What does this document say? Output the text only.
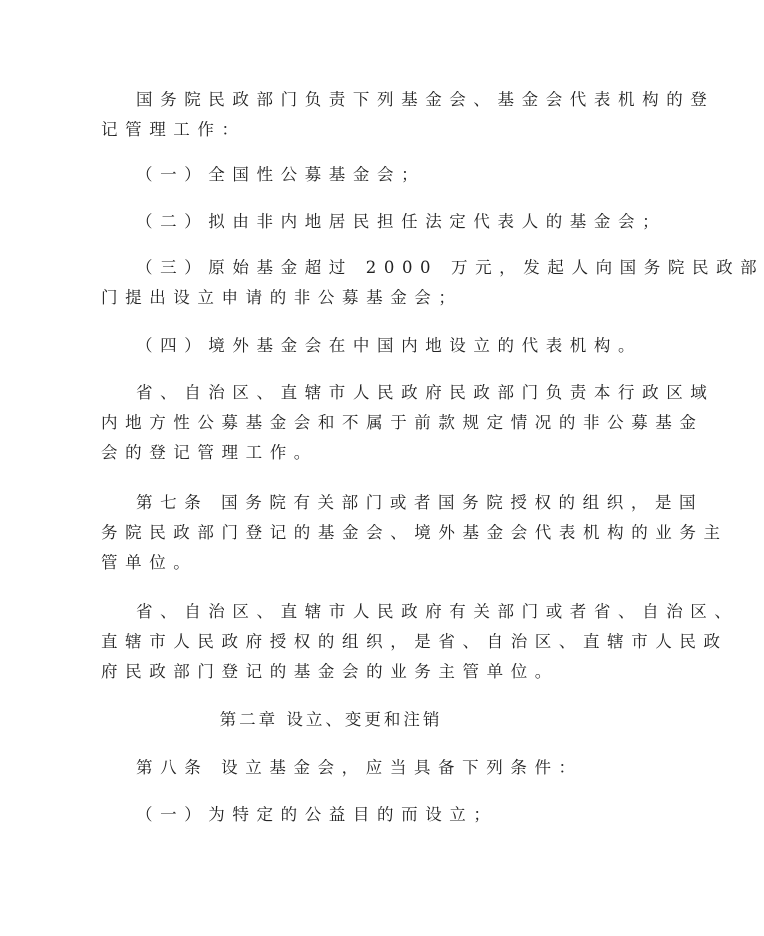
国务院民政部门负责下列基金会、基金会代表机构的登
记管理工作：
（一）全国性公募基金会；
（二）拟由非内地居民担任法定代表人的基金会；
（三）原始基金超过 2000 万元，发起人向国务院民政部
门提出设立申请的非公募基金会；
（四）境外基金会在中国内地设立的代表机构。
省、自治区、直辖市人民政府民政部门负责本行政区域
内地方性公募基金会和不属于前款规定情况的非公募基金
会的登记管理工作。
第七条 国务院有关部门或者国务院授权的组织，是国
务院民政部门登记的基金会、境外基金会代表机构的业务主
管单位。
省、自治区、直辖市人民政府有关部门或者省、自治区、
直辖市人民政府授权的组织，是省、自治区、直辖市人民政
府民政部门登记的基金会的业务主管单位。
第二章 设立、变更和注销
第八条 设立基金会，应当具备下列条件：
（一）为特定的公益目的而设立；
